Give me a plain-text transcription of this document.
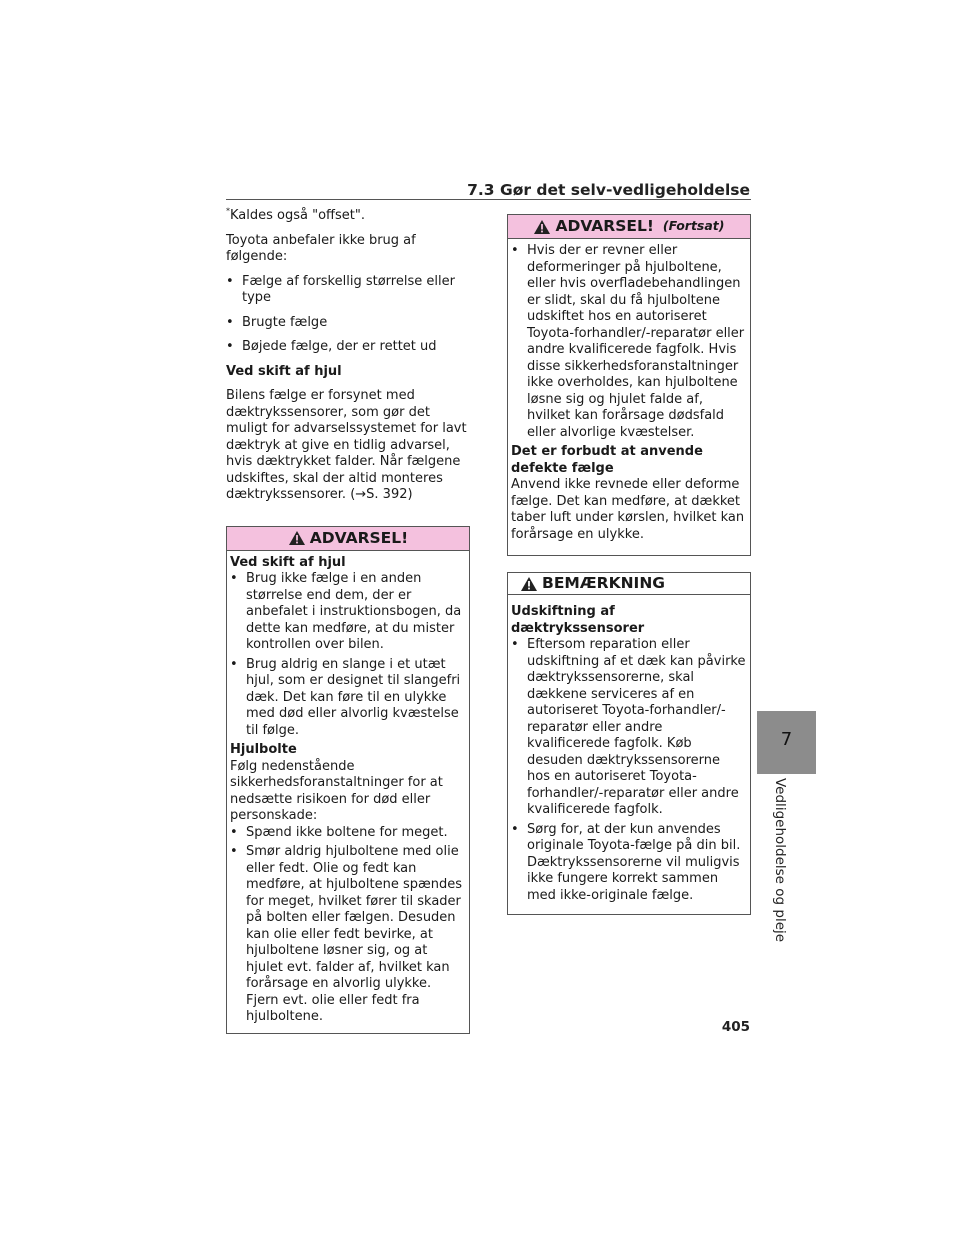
7.3 Gør det selv-vedligeholdelse

*Kaldes også "offset".

Toyota anbefaler ikke brug af følgende:

• Fælge af forskellig størrelse eller type

• Brugte fælge

• Bøjede fælge, der er rettet ud

Ved skift af hjul

Bilens fælge er forsynet med dæktrykssensorer, som gør det muligt for advarselssystemet for lavt dæktryk at give en tidlig advarsel, hvis dæktrykket falder. Når fælgene udskiftes, skal der altid monteres dæktrykssensorer. (→S. 392)

ADVARSEL!

Ved skift af hjul

• Brug ikke fælge i en anden størrelse end dem, der er anbefalet i instruktionsbogen, da dette kan medføre, at du mister kontrollen over bilen.

• Brug aldrig en slange i et utæt hjul, som er designet til slangefri dæk. Det kan føre til en ulykke med død eller alvorlig kvæstelse til følge.

Hjulbolte

Følg nedenstående sikkerhedsforanstaltninger for at nedsætte risikoen for død eller personskade:

• Spænd ikke boltene for meget.

• Smør aldrig hjulboltene med olie eller fedt. Olie og fedt kan medføre, at hjulboltene spændes for meget, hvilket fører til skader på bolten eller fælgen. Desuden kan olie eller fedt bevirke, at hjulboltene løsner sig, og at hjulet evt. falder af, hvilket kan forårsage en alvorlig ulykke. Fjern evt. olie eller fedt fra hjulboltene.

ADVARSEL! (Fortsat)

• Hvis der er revner eller deformeringer på hjulboltene, eller hvis overfladebehandlingen er slidt, skal du få hjulboltene udskiftet hos en autoriseret Toyota-forhandler/-reparatør eller andre kvalificerede fagfolk. Hvis disse sikkerhedsforanstaltninger ikke overholdes, kan hjulboltene løsne sig og hjulet falde af, hvilket kan forårsage dødsfald eller alvorlige kvæstelser.

Det er forbudt at anvende defekte fælge

Anvend ikke revnede eller deforme fælge. Det kan medføre, at dækket taber luft under kørslen, hvilket kan forårsage en ulykke.

BEMÆRKNING

Udskiftning af dæktrykssensorer

• Eftersom reparation eller udskiftning af et dæk kan påvirke dæktrykssensorerne, skal dækkene serviceres af en autoriseret Toyota-forhandler/-reparatør eller andre kvalificerede fagfolk. Køb desuden dæktrykssensorerne hos en autoriseret Toyota-forhandler/-reparatør eller andre kvalificerede fagfolk.

• Sørg for, at der kun anvendes originale Toyota-fælge på din bil. Dæktrykssensorerne vil muligvis ikke fungere korrekt sammen med ikke-originale fælge.

7
Vedligeholdelse og pleje
405
